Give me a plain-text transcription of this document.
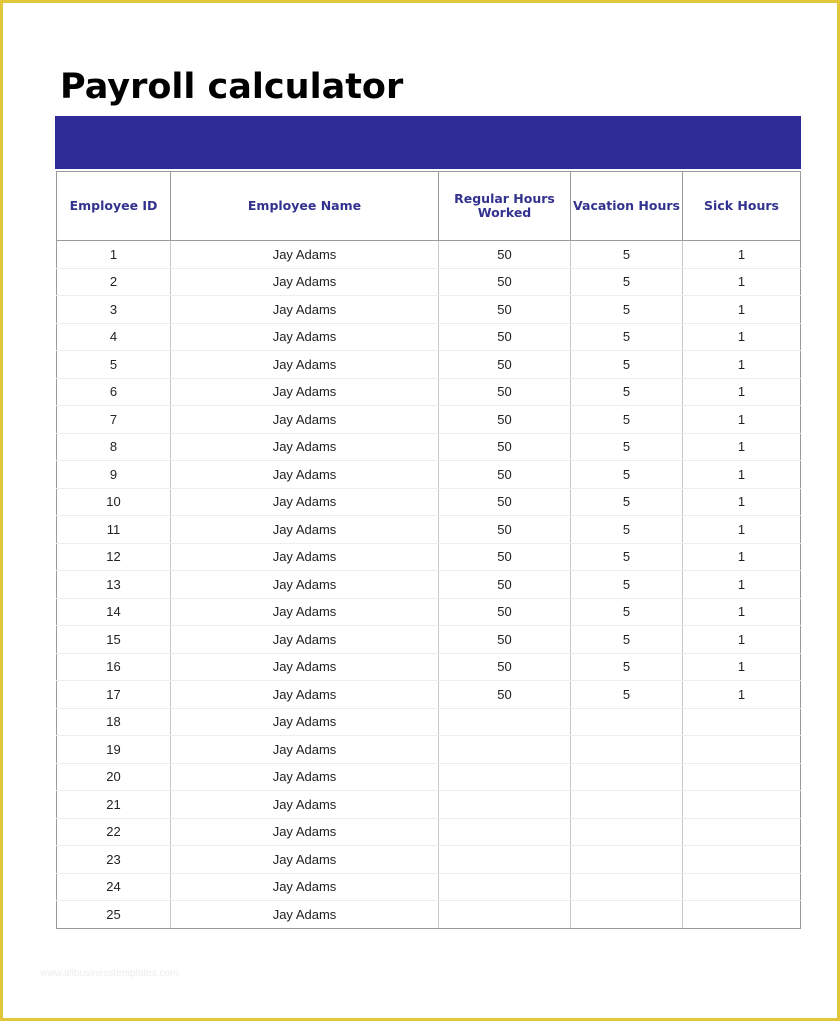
Payroll calculator
Employee ID	Employee Name	Regular Hours Worked	Vacation Hours	Sick Hours
1	Jay Adams	50	5	1
2	Jay Adams	50	5	1
3	Jay Adams	50	5	1
4	Jay Adams	50	5	1
5	Jay Adams	50	5	1
6	Jay Adams	50	5	1
7	Jay Adams	50	5	1
8	Jay Adams	50	5	1
9	Jay Adams	50	5	1
10	Jay Adams	50	5	1
11	Jay Adams	50	5	1
12	Jay Adams	50	5	1
13	Jay Adams	50	5	1
14	Jay Adams	50	5	1
15	Jay Adams	50	5	1
16	Jay Adams	50	5	1
17	Jay Adams	50	5	1
18	Jay Adams			
19	Jay Adams			
20	Jay Adams			
21	Jay Adams			
22	Jay Adams			
23	Jay Adams			
24	Jay Adams			
25	Jay Adams			
www.allbusinesstemplates.com
